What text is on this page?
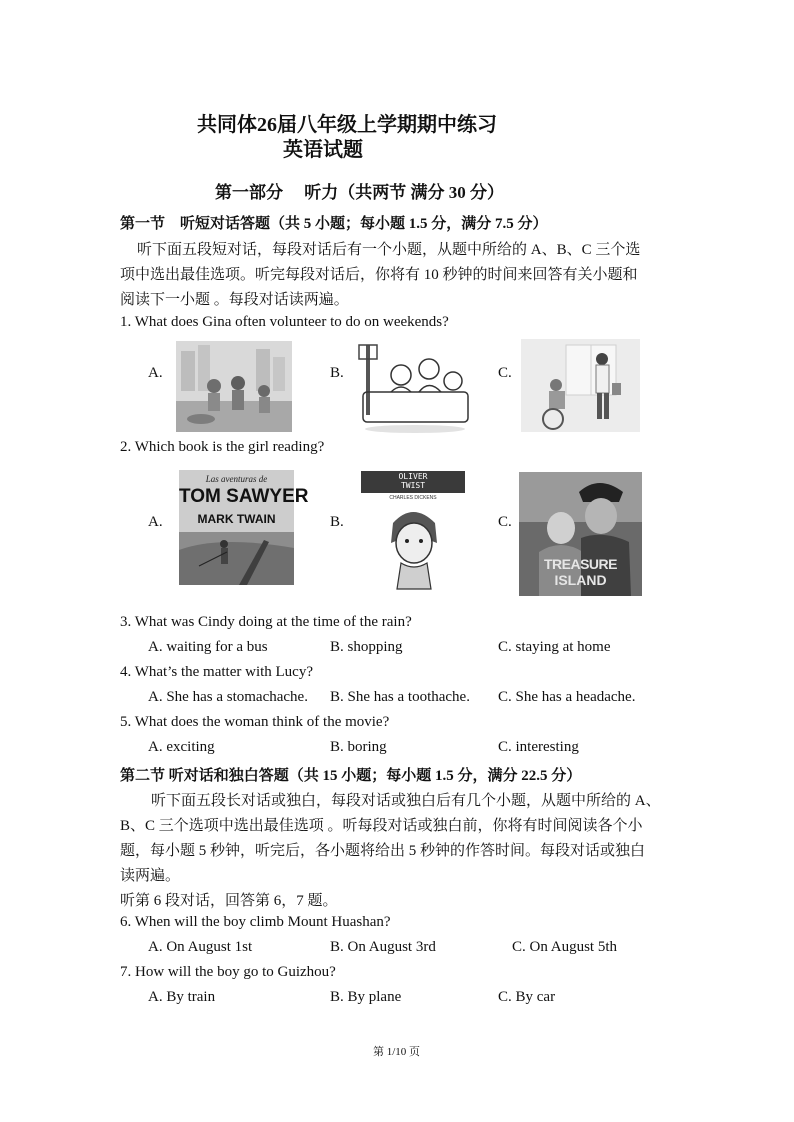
共同体26届八年级上学期期中练习
英语试题
第一部分　 听力（共两节 满分 30 分）
第一节　听短对话答题（共 5 小题；每小题 1.5 分，满分 7.5 分）
听下面五段短对话，每段对话后有一个小题，从题中所给的 A、B、C 三个选
项中选出最佳选项。听完每段对话后，你将有 10 秒钟的时间来回答有关小题和
阅读下一小题 。每段对话读两遍。
1. What does Gina often volunteer to do on weekends?
A.	B.	C.
2. Which book is the girl reading?
A.
Las aventuras de
TOM SAWYER
MARK TWAIN	B.
OLIVER
TWIST
CHARLES DICKENS
C.
TREASURE
ISLAND
3. What was Cindy doing at the time of the rain?
A. waiting for a bus	B. shopping	C. staying at home
4. What’s the matter with Lucy?
A. She has a stomachache. B. She has a toothache. C. She has a headache.
5. What does the woman think of the movie?
A. exciting	B. boring	C. interesting
第二节 听对话和独白答题（共 15 小题；每小题 1.5 分，满分 22.5 分）
听下面五段长对话或独白，每段对话或独白后有几个小题，从题中所给的 A、
B、C 三个选项中选出最佳选项 。听每段对话或独白前，你将有时间阅读各个小
题，每小题 5 秒钟，听完后，各小题将给出 5 秒钟的作答时间。每段对话或独白
读两遍。
听第 6 段对话，回答第 6，7 题。
6. When will the boy climb Mount Huashan?
A. On August 1st	B. On August 3rd	C. On August 5th
7. How will the boy go to Guizhou?
A. By train	B. By plane	C. By car
第 1/10 页
